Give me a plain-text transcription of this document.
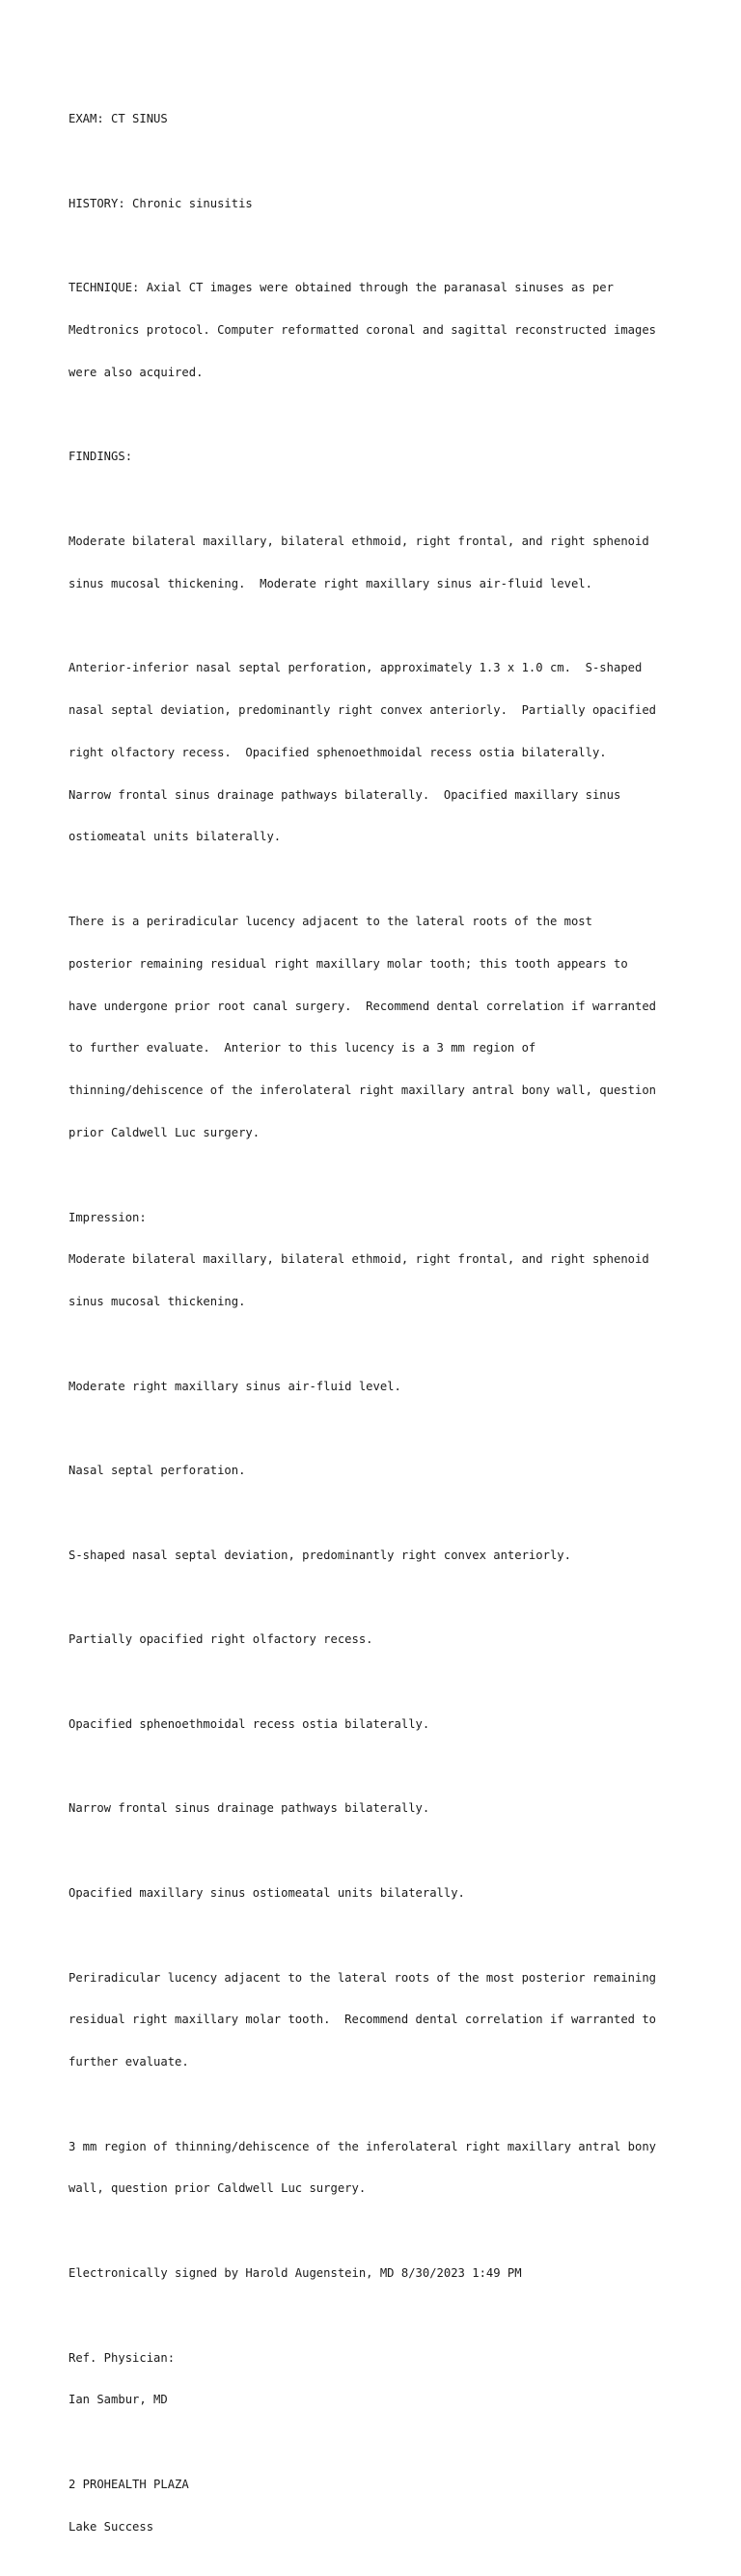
EXAM: CT SINUS

HISTORY: Chronic sinusitis

TECHNIQUE: Axial CT images were obtained through the paranasal sinuses as per

Medtronics protocol. Computer reformatted coronal and sagittal reconstructed images

were also acquired.

FINDINGS:

Moderate bilateral maxillary, bilateral ethmoid, right frontal, and right sphenoid

sinus mucosal thickening.  Moderate right maxillary sinus air-fluid level.

Anterior-inferior nasal septal perforation, approximately 1.3 x 1.0 cm.  S-shaped

nasal septal deviation, predominantly right convex anteriorly.  Partially opacified

right olfactory recess.  Opacified sphenoethmoidal recess ostia bilaterally.

Narrow frontal sinus drainage pathways bilaterally.  Opacified maxillary sinus

ostiomeatal units bilaterally.

There is a periradicular lucency adjacent to the lateral roots of the most

posterior remaining residual right maxillary molar tooth; this tooth appears to

have undergone prior root canal surgery.  Recommend dental correlation if warranted

to further evaluate.  Anterior to this lucency is a 3 mm region of

thinning/dehiscence of the inferolateral right maxillary antral bony wall, question

prior Caldwell Luc surgery.

Impression:

Moderate bilateral maxillary, bilateral ethmoid, right frontal, and right sphenoid

sinus mucosal thickening.

Moderate right maxillary sinus air-fluid level.

Nasal septal perforation.

S-shaped nasal septal deviation, predominantly right convex anteriorly.

Partially opacified right olfactory recess.

Opacified sphenoethmoidal recess ostia bilaterally.

Narrow frontal sinus drainage pathways bilaterally.

Opacified maxillary sinus ostiomeatal units bilaterally.

Periradicular lucency adjacent to the lateral roots of the most posterior remaining

residual right maxillary molar tooth.  Recommend dental correlation if warranted to

further evaluate.

3 mm region of thinning/dehiscence of the inferolateral right maxillary antral bony

wall, question prior Caldwell Luc surgery.

Electronically signed by Harold Augenstein, MD 8/30/2023 1:49 PM

Ref. Physician:

Ian Sambur, MD

2 PROHEALTH PLAZA

Lake Success
